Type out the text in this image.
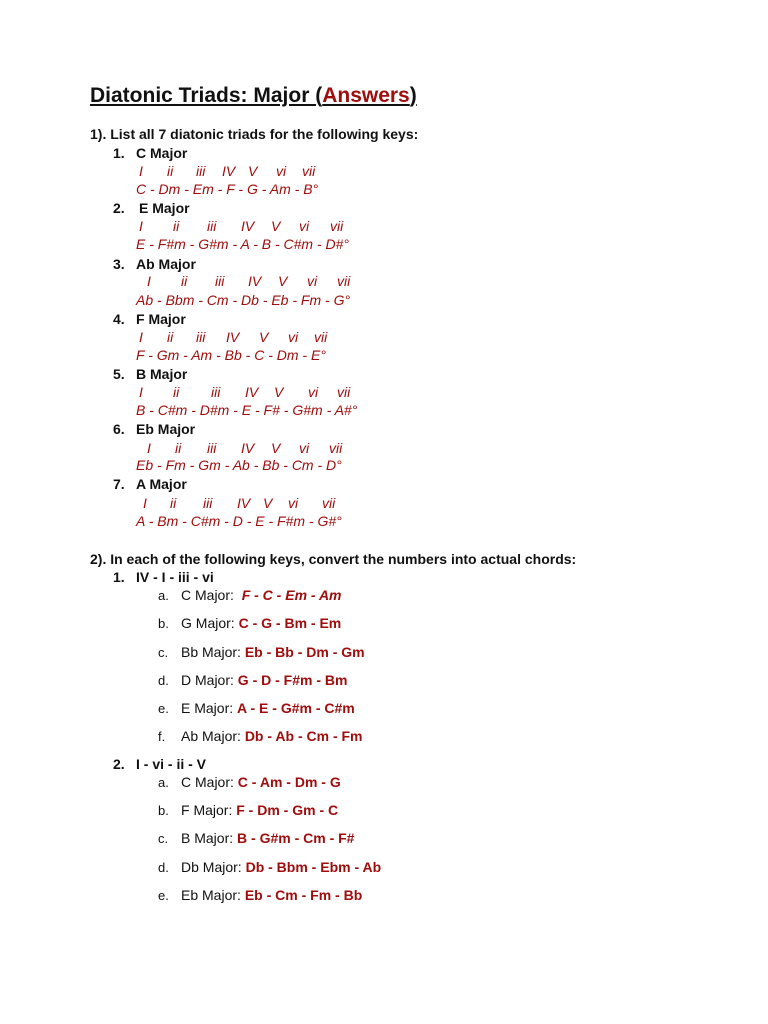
Diatonic Triads: Major (Answers)
1). List all 7 diatonic triads for the following keys:
1. C Major
I ii iii IV V vi vii
C - Dm - Em - F - G - Am - B°
2. E Major
I ii iii IV V vi vii
E - F#m - G#m - A - B - C#m - D#°
3. Ab Major
I ii iii IV V vi vii
Ab - Bbm - Cm - Db - Eb - Fm - G°
4. F Major
I ii iii IV V vi vii
F - Gm - Am - Bb - C - Dm - E°
5. B Major
I ii iii IV V vi vii
B - C#m - D#m - E - F# - G#m - A#°
6. Eb Major
I ii iii IV V vi vii
Eb - Fm - Gm - Ab - Bb - Cm - D°
7. A Major
I ii iii IV V vi vii
A - Bm - C#m - D - E - F#m - G#°
2). In each of the following keys, convert the numbers into actual chords:
1. IV - I - iii - vi
a. C Major: F - C - Em - Am
b. G Major: C - G - Bm - Em
c. Bb Major: Eb - Bb - Dm - Gm
d. D Major: G - D - F#m - Bm
e. E Major: A - E - G#m - C#m
f. Ab Major: Db - Ab - Cm - Fm
2. I - vi - ii - V
a. C Major: C - Am - Dm - G
b. F Major: F - Dm - Gm - C
c. B Major: B - G#m - Cm - F#
d. Db Major: Db - Bbm - Ebm - Ab
e. Eb Major: Eb - Cm - Fm - Bb
